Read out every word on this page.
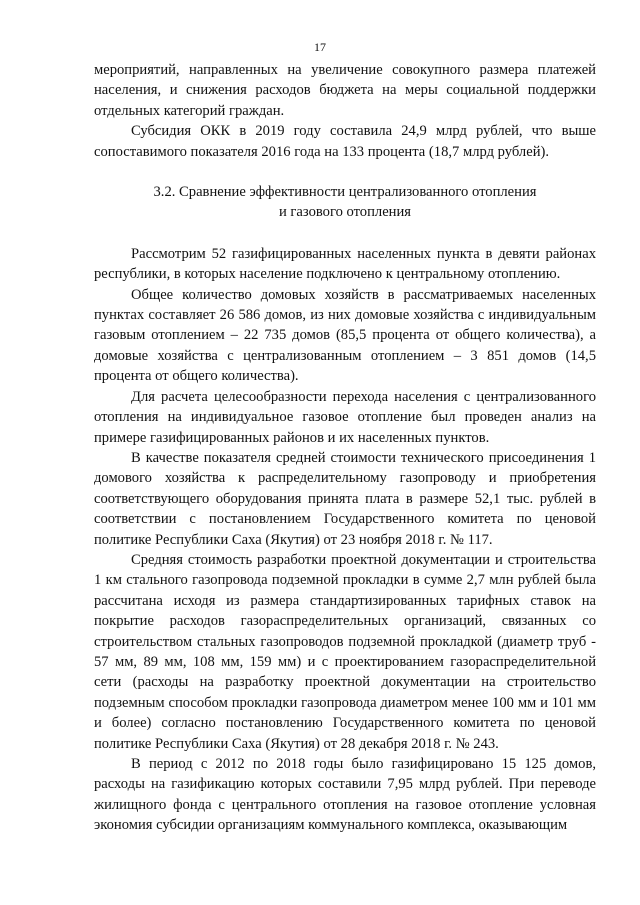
17

мероприятий, направленных на увеличение совокупного размера платежей населения, и снижения расходов бюджета на меры социальной поддержки отдельных категорий граждан.

Субсидия ОКК в 2019 году составила 24,9 млрд рублей, что выше сопоставимого показателя 2016 года на 133 процента (18,7 млрд рублей).

3.2. Сравнение эффективности централизованного отопления
и газового отопления

Рассмотрим 52 газифицированных населенных пункта в девяти районах республики, в которых население подключено к центральному отоплению.

Общее количество домовых хозяйств в рассматриваемых населенных пунктах составляет 26 586 домов, из них домовые хозяйства с индивидуальным газовым отоплением – 22 735 домов (85,5 процента от общего количества), а домовые хозяйства с централизованным отоплением – 3 851 домов (14,5 процента от общего количества).

Для расчета целесообразности перехода населения с централизованного отопления на индивидуальное газовое отопление был проведен анализ на примере газифицированных районов и их населенных пунктов.

В качестве показателя средней стоимости технического присоединения 1 домового хозяйства к распределительному газопроводу и приобретения соответствующего оборудования принята плата в размере 52,1 тыс. рублей в соответствии с постановлением Государственного комитета по ценовой политике Республики Саха (Якутия) от 23 ноября 2018 г. № 117.

Средняя стоимость разработки проектной документации и строительства 1 км стального газопровода подземной прокладки в сумме 2,7 млн рублей была рассчитана исходя из размера стандартизированных тарифных ставок на покрытие расходов газораспределительных организаций, связанных со строительством стальных газопроводов подземной прокладкой (диаметр труб - 57 мм, 89 мм, 108 мм, 159 мм) и с проектированием газораспределительной сети (расходы на разработку проектной документации на строительство подземным способом прокладки газопровода диаметром менее 100 мм и 101 мм и более) согласно постановлению Государственного комитета по ценовой политике Республики Саха (Якутия) от 28 декабря 2018 г. № 243.

В период с 2012 по 2018 годы было газифицировано 15 125 домов, расходы на газификацию которых составили 7,95 млрд рублей. При переводе жилищного фонда с центрального отопления на газовое отопление условная экономия субсидии организациям коммунального комплекса, оказывающим
